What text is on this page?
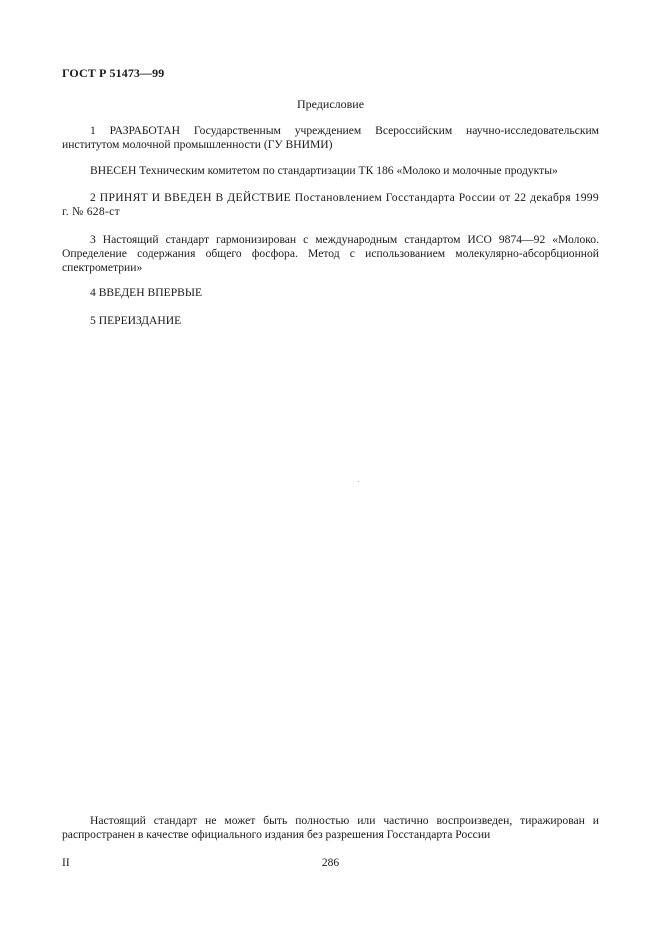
ГОСТ Р 51473—99
Предисловие

1 РАЗРАБОТАН Государственным учреждением Всероссийским научно-исследовательским институтом молочной промышленности (ГУ ВНИМИ)

ВНЕСЕН Техническим комитетом по стандартизации ТК 186 «Молоко и молочные продукты»

2 ПРИНЯТ И ВВЕДЕН В ДЕЙСТВИЕ Постановлением Госстандарта России от 22 декабря 1999 г. № 628-ст

3 Настоящий стандарт гармонизирован с международным стандартом ИСО 9874—92 «Молоко. Определение содержания общего фосфора. Метод с использованием молекулярно-абсорбционной спектрометрии»

4 ВВЕДЕН ВПЕРВЫЕ

5 ПЕРЕИЗДАНИЕ

Настоящий стандарт не может быть полностью или частично воспроизведен, тиражирован и распространен в качестве официального издания без разрешения Госстандарта России

II	286
